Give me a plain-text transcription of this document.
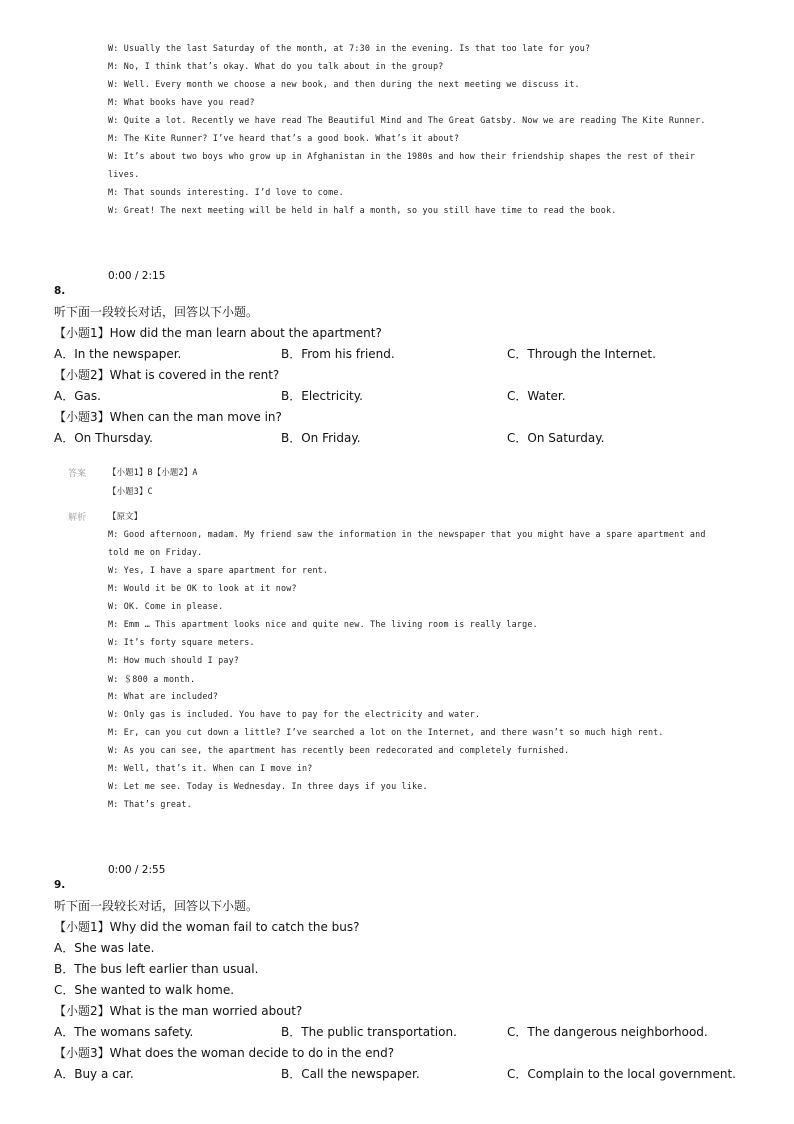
W: Usually the last Saturday of the month, at 7:30 in the evening. Is that too late for you?
M: No, I think that’s okay. What do you talk about in the group?
W: Well. Every month we choose a new book, and then during the next meeting we discuss it.
M: What books have you read?
W: Quite a lot. Recently we have read The Beautiful Mind and The Great Gatsby. Now we are reading The Kite Runner.
M: The Kite Runner? I’ve heard that’s a good book. What’s it about?
W: It’s about two boys who grow up in Afghanistan in the 1980s and how their friendship shapes the rest of their
lives.
M: That sounds interesting. I’d love to come.
W: Great! The next meeting will be held in half a month, so you still have time to read the book.
0:00 / 2:15
8.
听下面一段较长对话，回答以下小题。
【小题1】How did the man learn about the apartment?
A．In the newspaper.	B．From his friend.	C．Through the Internet.
【小题2】What is covered in the rent?
A．Gas.	B．Electricity.	C．Water.
【小题3】When can the man move in?
A．On Thursday.	B．On Friday.	C．On Saturday.
答案	【小题1】B【小题2】A
【小题3】C
解析	【原文】
M: Good afternoon, madam. My friend saw the information in the newspaper that you might have a spare apartment and
told me on Friday.
W: Yes, I have a spare apartment for rent.
M: Would it be OK to look at it now?
W: OK. Come in please.
M: Emm … This apartment looks nice and quite new. The living room is really large.
W: It’s forty square meters.
M: How much should I pay?
W: ＄800 a month.
M: What are included?
W: Only gas is included. You have to pay for the electricity and water.
M: Er, can you cut down a little? I’ve searched a lot on the Internet, and there wasn’t so much high rent.
W: As you can see, the apartment has recently been redecorated and completely furnished.
M: Well, that’s it. When can I move in?
W: Let me see. Today is Wednesday. In three days if you like.
M: That’s great.
0:00 / 2:55
9.
听下面一段较长对话，回答以下小题。
【小题1】Why did the woman fail to catch the bus?
A．She was late.
B．The bus left earlier than usual.
C．She wanted to walk home.
【小题2】What is the man worried about?
A．The womans safety.	B．The public transportation.	C．The dangerous neighborhood.
【小题3】What does the woman decide to do in the end?
A．Buy a car.	B．Call the newspaper.	C．Complain to the local government.
